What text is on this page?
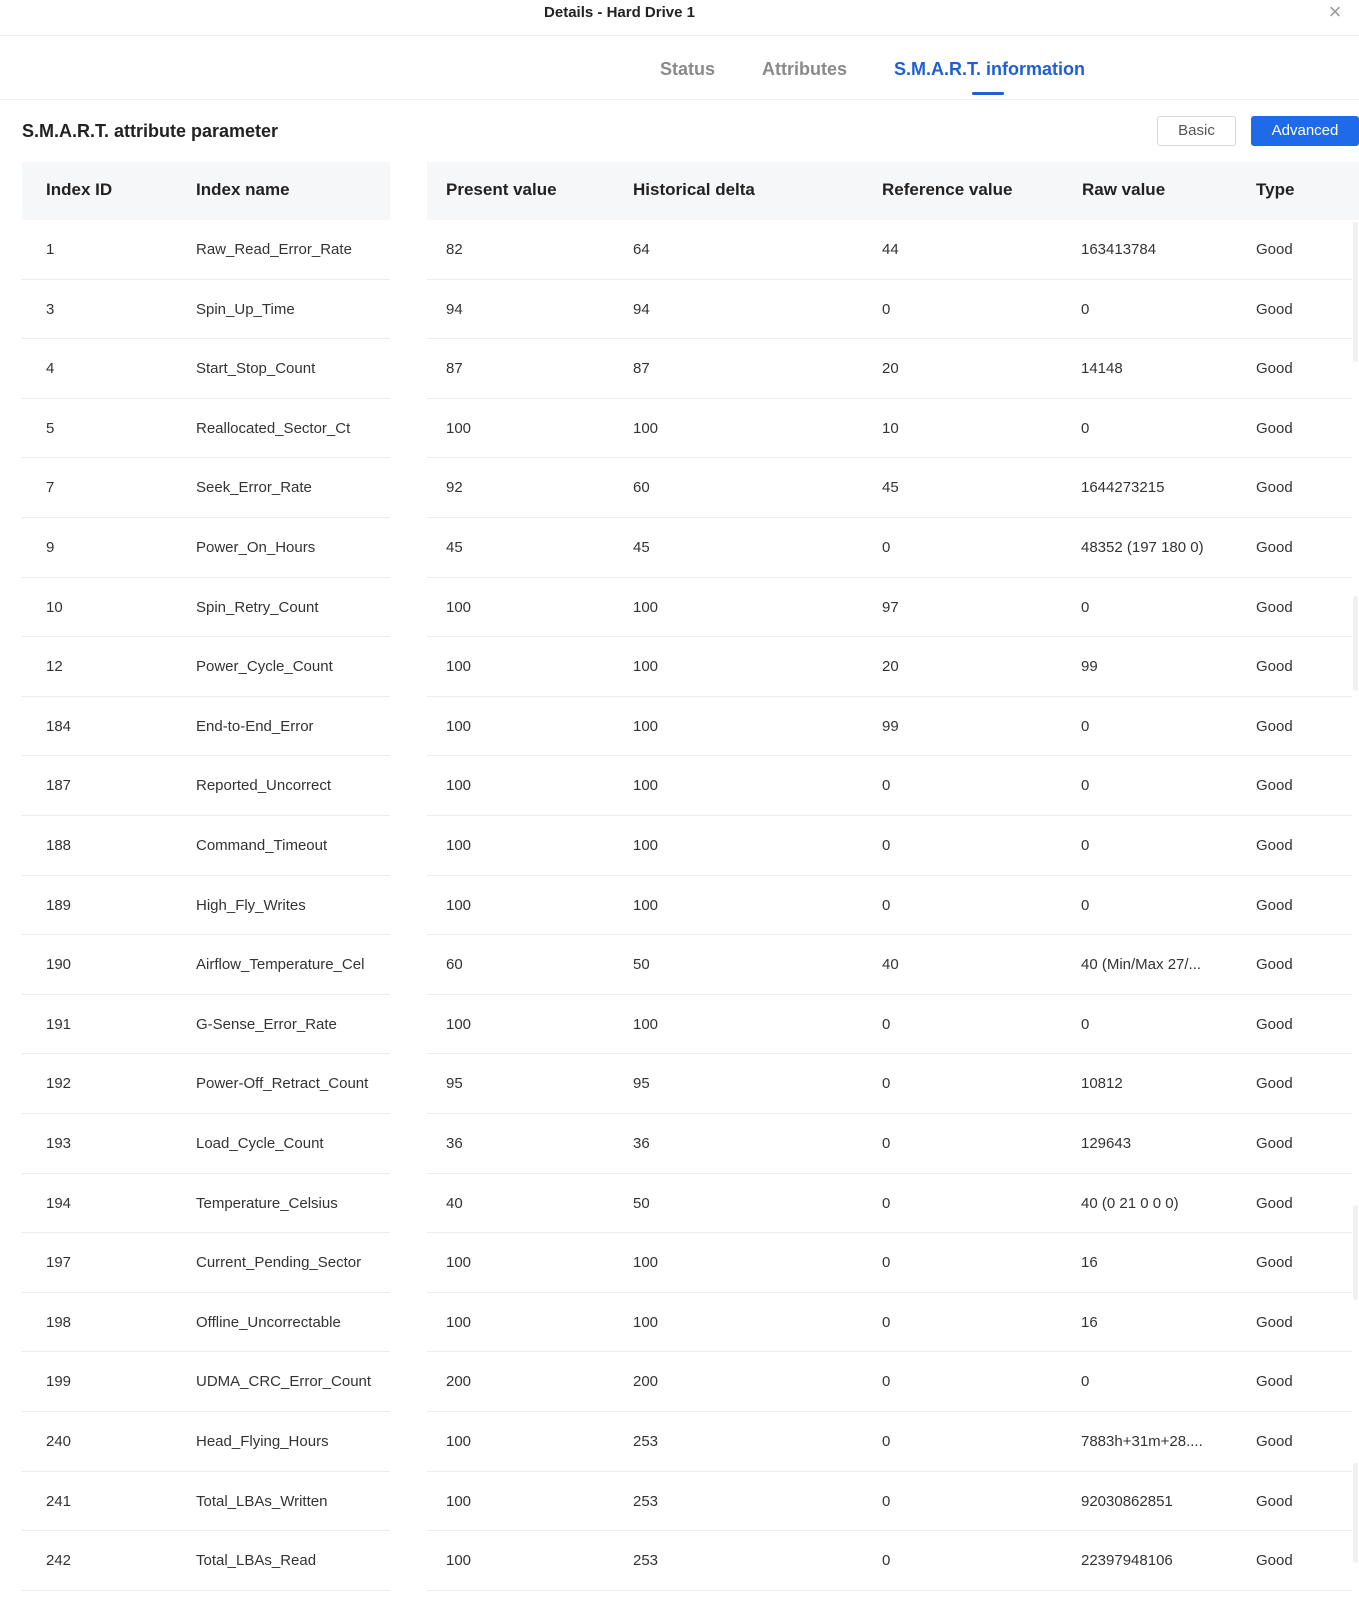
Details - Hard Drive 1	×
Status	Attributes	S.M.A.R.T. information
S.M.A.R.T. attribute parameter	Basic	Advanced
Index ID	Index name	Present value	Historical delta	Reference value	Raw value	Type
1	Raw_Read_Error_Rate	82	64	44	163413784	Good
3	Spin_Up_Time	94	94	0	0	Good
4	Start_Stop_Count	87	87	20	14148	Good
5	Reallocated_Sector_Ct	100	100	10	0	Good
7	Seek_Error_Rate	92	60	45	1644273215	Good
9	Power_On_Hours	45	45	0	48352 (197 180 0)	Good
10	Spin_Retry_Count	100	100	97	0	Good
12	Power_Cycle_Count	100	100	20	99	Good
184	End-to-End_Error	100	100	99	0	Good
187	Reported_Uncorrect	100	100	0	0	Good
188	Command_Timeout	100	100	0	0	Good
189	High_Fly_Writes	100	100	0	0	Good
190	Airflow_Temperature_Cel	60	50	40	40 (Min/Max 27/...	Good
191	G-Sense_Error_Rate	100	100	0	0	Good
192	Power-Off_Retract_Count	95	95	0	10812	Good
193	Load_Cycle_Count	36	36	0	129643	Good
194	Temperature_Celsius	40	50	0	40 (0 21 0 0 0)	Good
197	Current_Pending_Sector	100	100	0	16	Good
198	Offline_Uncorrectable	100	100	0	16	Good
199	UDMA_CRC_Error_Count	200	200	0	0	Good
240	Head_Flying_Hours	100	253	0	7883h+31m+28....	Good
241	Total_LBAs_Written	100	253	0	92030862851	Good
242	Total_LBAs_Read	100	253	0	22397948106	Good
